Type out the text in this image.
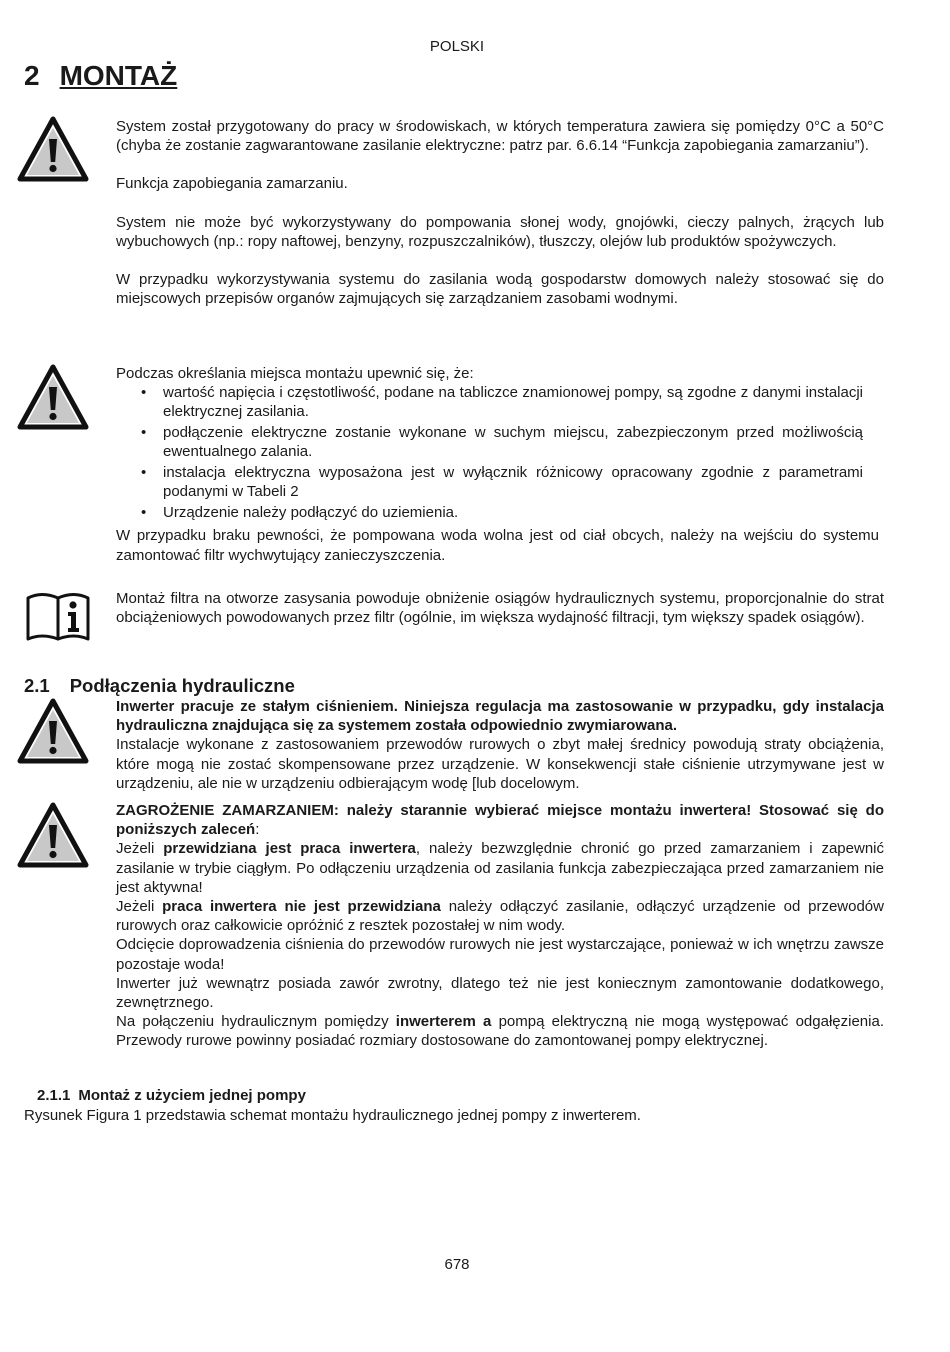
POLSKI
2 MONTAŻ

System został przygotowany do pracy w środowiskach, w których temperatura zawiera się pomiędzy 0°C a 50°C (chyba że zostanie zagwarantowane zasilanie elektryczne: patrz par. 6.6.14 “Funkcja zapobiegania zamarzaniu”).

Funkcja zapobiegania zamarzaniu.

System nie może być wykorzystywany do pompowania słonej wody, gnojówki, cieczy palnych, żrących lub wybuchowych (np.: ropy naftowej, benzyny, rozpuszczalników), tłuszczy, olejów lub produktów spożywczych.

W przypadku wykorzystywania systemu do zasilania wodą gospodarstw domowych należy stosować się do miejscowych przepisów organów zajmujących się zarządzaniem zasobami wodnymi.

Podczas określania miejsca montażu upewnić się, że:

• wartość napięcia i częstotliwość, podane na tabliczce znamionowej pompy, są zgodne z danymi instalacji elektrycznej zasilania.
• podłączenie elektryczne zostanie wykonane w suchym miejscu, zabezpieczonym przed możliwością ewentualnego zalania.
• instalacja elektryczna wyposażona jest w wyłącznik różnicowy opracowany zgodnie z parametrami podanymi w Tabeli 2
• Urządzenie należy podłączyć do uziemienia.

W przypadku braku pewności, że pompowana woda wolna jest od ciał obcych, należy na wejściu do systemu zamontować filtr wychwytujący zanieczyszczenia.

Montaż filtra na otworze zasysania powoduje obniżenie osiągów hydraulicznych systemu, proporcjonalnie do strat obciążeniowych powodowanych przez filtr (ogólnie, im większa wydajność filtracji, tym większy spadek osiągów).

2.1 Podłączenia hydrauliczne

Inwerter pracuje ze stałym ciśnieniem. Niniejsza regulacja ma zastosowanie w przypadku, gdy instalacja hydrauliczna znajdująca się za systemem została odpowiednio zwymiarowana.

Instalacje wykonane z zastosowaniem przewodów rurowych o zbyt małej średnicy powodują straty obciążenia, które mogą nie zostać skompensowane przez urządzenie. W konsekwencji stałe ciśnienie utrzymywane jest w urządzeniu, ale nie w urządzeniu odbierającym wodę [lub docelowym.

ZAGROŻENIE ZAMARZANIEM: należy starannie wybierać miejsce montażu inwertera! Stosować się do poniższych zaleceń:

Jeżeli przewidziana jest praca inwertera, należy bezwzględnie chronić go przed zamarzaniem i zapewnić zasilanie w trybie ciągłym. Po odłączeniu urządzenia od zasilania funkcja zabezpieczająca przed zamarzaniem nie jest aktywna!

Jeżeli praca inwertera nie jest przewidziana należy odłączyć zasilanie, odłączyć urządzenie od przewodów rurowych oraz całkowicie opróżnić z resztek pozostałej w nim wody.

Odcięcie doprowadzenia ciśnienia do przewodów rurowych nie jest wystarczające, ponieważ w ich wnętrzu zawsze pozostaje woda!

Inwerter już wewnątrz posiada zawór zwrotny, dlatego też nie jest koniecznym zamontowanie dodatkowego, zewnętrznego.

Na połączeniu hydraulicznym pomiędzy inwerterem a pompą elektryczną nie mogą występować odgałęzienia. Przewody rurowe powinny posiadać rozmiary dostosowane do zamontowanej pompy elektrycznej.

2.1.1 Montaż z użyciem jednej pompy
Rysunek Figura 1 przedstawia schemat montażu hydraulicznego jednej pompy z inwerterem.
678
